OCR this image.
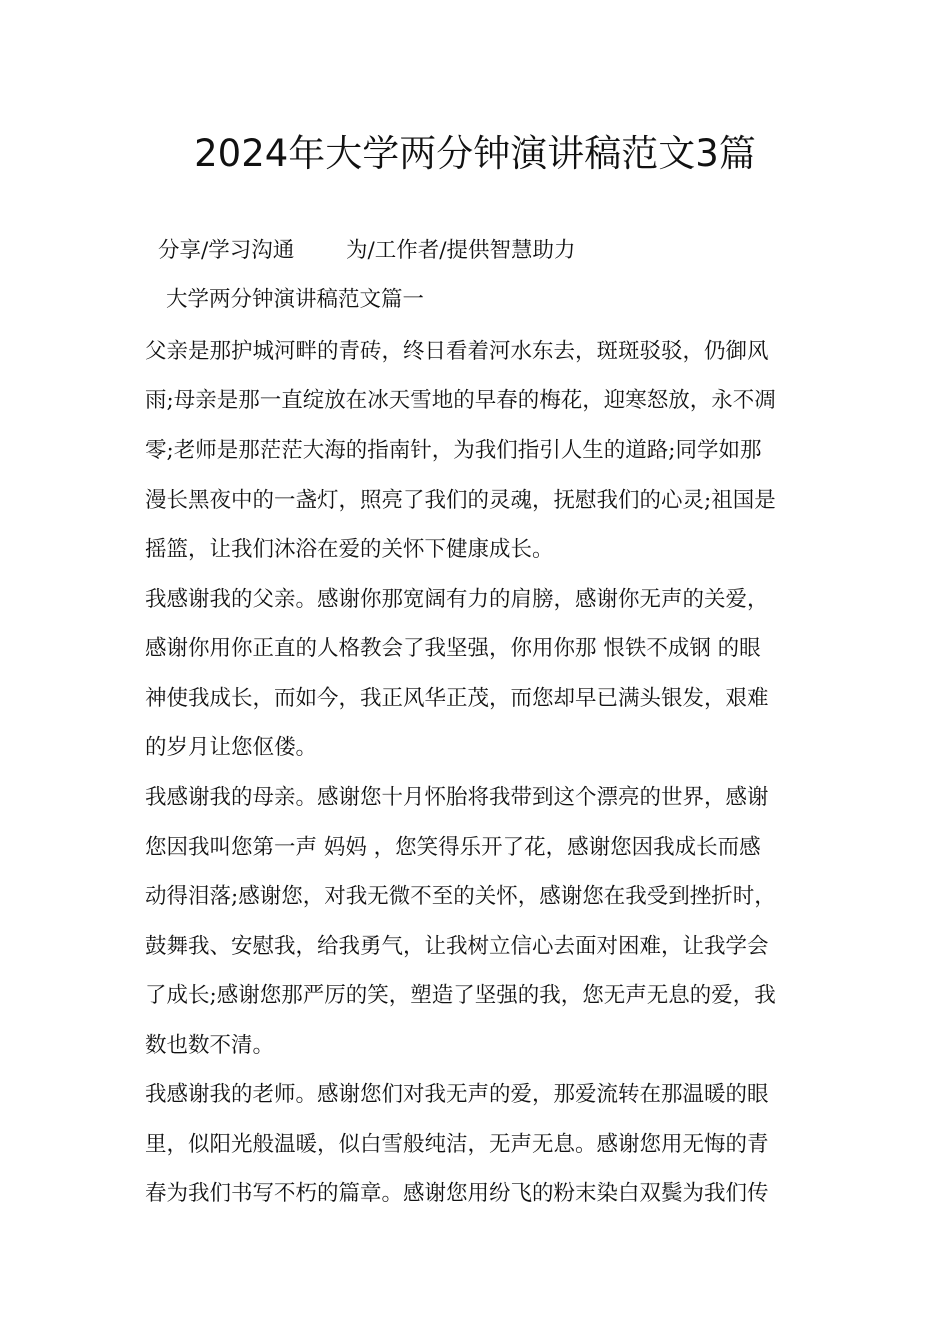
2024年大学两分钟演讲稿范文3篇
分享/学习沟通 为/工作者/提供智慧助力
大学两分钟演讲稿范文篇一
父亲是那护城河畔的青砖，终日看着河水东去，斑斑驳驳，仍御风
雨;母亲是那一直绽放在冰天雪地的早春的梅花，迎寒怒放，永不凋
零;老师是那茫茫大海的指南针，为我们指引人生的道路;同学如那
漫长黑夜中的一盏灯，照亮了我们的灵魂，抚慰我们的心灵;祖国是
摇篮，让我们沐浴在爱的关怀下健康成长。
我感谢我的父亲。感谢你那宽阔有力的肩膀，感谢你无声的关爱，
感谢你用你正直的人格教会了我坚强，你用你那 恨铁不成钢 的眼
神使我成长，而如今，我正风华正茂，而您却早已满头银发，艰难
的岁月让您伛偻。
我感谢我的母亲。感谢您十月怀胎将我带到这个漂亮的世界，感谢
您因我叫您第一声 妈妈 ，您笑得乐开了花，感谢您因我成长而感
动得泪落;感谢您，对我无微不至的关怀，感谢您在我受到挫折时，
鼓舞我、安慰我，给我勇气，让我树立信心去面对困难，让我学会
了成长;感谢您那严厉的笑，塑造了坚强的我，您无声无息的爱，我
数也数不清。
我感谢我的老师。感谢您们对我无声的爱，那爱流转在那温暖的眼
里，似阳光般温暖，似白雪般纯洁，无声无息。感谢您用无悔的青
春为我们书写不朽的篇章。感谢您用纷飞的粉末染白双鬓为我们传
